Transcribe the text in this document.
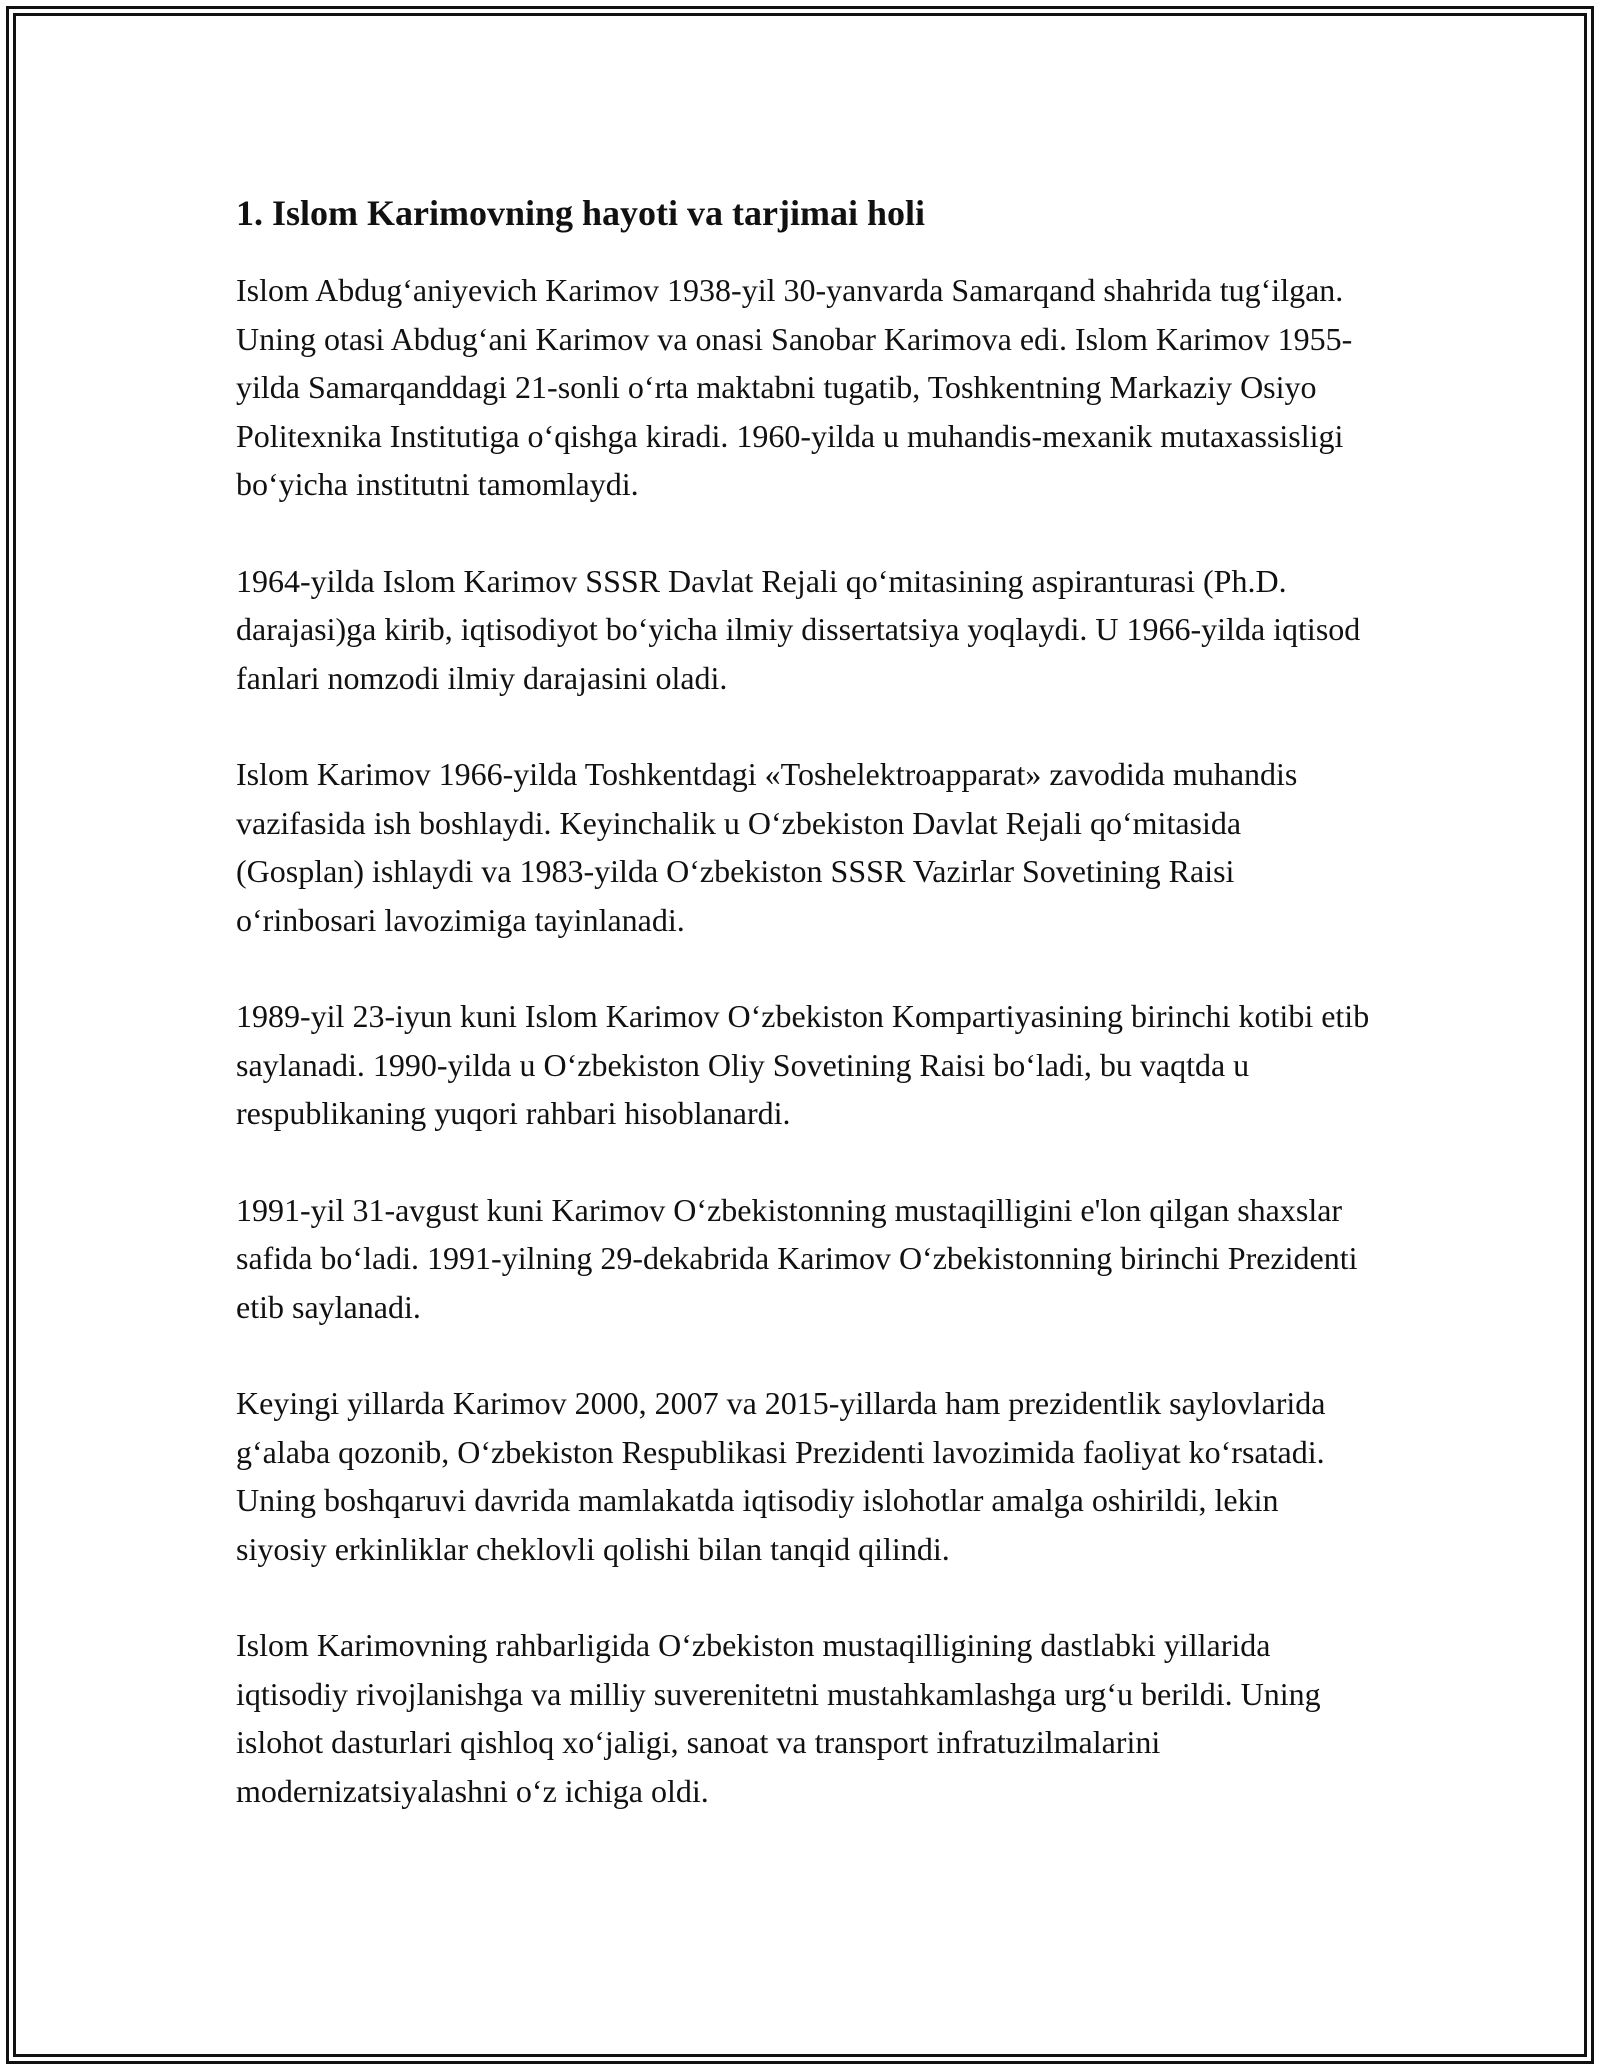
1. Islom Karimovning hayoti va tarjimai holi

Islom Abdug‘aniyevich Karimov 1938-yil 30-yanvarda Samarqand shahrida tug‘ilgan. Uning otasi Abdug‘ani Karimov va onasi Sanobar Karimova edi. Islom Karimov 1955-yilda Samarqanddagi 21-sonli o‘rta maktabni tugatib, Toshkentning Markaziy Osiyo Politexnika Institutiga o‘qishga kiradi. 1960-yilda u muhandis-mexanik mutaxassisligi bo‘yicha institutni tamomlaydi.

1964-yilda Islom Karimov SSSR Davlat Rejali qo‘mitasining aspiranturasi (Ph.D. darajasi)ga kirib, iqtisodiyot bo‘yicha ilmiy dissertatsiya yoqlaydi. U 1966-yilda iqtisod fanlari nomzodi ilmiy darajasini oladi.

Islom Karimov 1966-yilda Toshkentdagi «Toshelektroapparat» zavodida muhandis vazifasida ish boshlaydi. Keyinchalik u O‘zbekiston Davlat Rejali qo‘mitasida (Gosplan) ishlaydi va 1983-yilda O‘zbekiston SSSR Vazirlar Sovetining Raisi o‘rinbosari lavozimiga tayinlanadi.

1989-yil 23-iyun kuni Islom Karimov O‘zbekiston Kompartiyasining birinchi kotibi etib saylanadi. 1990-yilda u O‘zbekiston Oliy Sovetining Raisi bo‘ladi, bu vaqtda u respublikaning yuqori rahbari hisoblanardi.

1991-yil 31-avgust kuni Karimov O‘zbekistonning mustaqilligini e'lon qilgan shaxslar safida bo‘ladi. 1991-yilning 29-dekabrida Karimov O‘zbekistonning birinchi Prezidenti etib saylanadi.

Keyingi yillarda Karimov 2000, 2007 va 2015-yillarda ham prezidentlik saylovlarida g‘alaba qozonib, O‘zbekiston Respublikasi Prezidenti lavozimida faoliyat ko‘rsatadi. Uning boshqaruvi davrida mamlakatda iqtisodiy islohotlar amalga oshirildi, lekin siyosiy erkinliklar cheklovli qolishi bilan tanqid qilindi.

Islom Karimovning rahbarligida O‘zbekiston mustaqilligining dastlabki yillarida iqtisodiy rivojlanishga va milliy suverenitetni mustahkamlashga urg‘u berildi. Uning islohot dasturlari qishloq xo‘jaligi, sanoat va transport infratuzilmalarini modernizatsiyalashni o‘z ichiga oldi.
